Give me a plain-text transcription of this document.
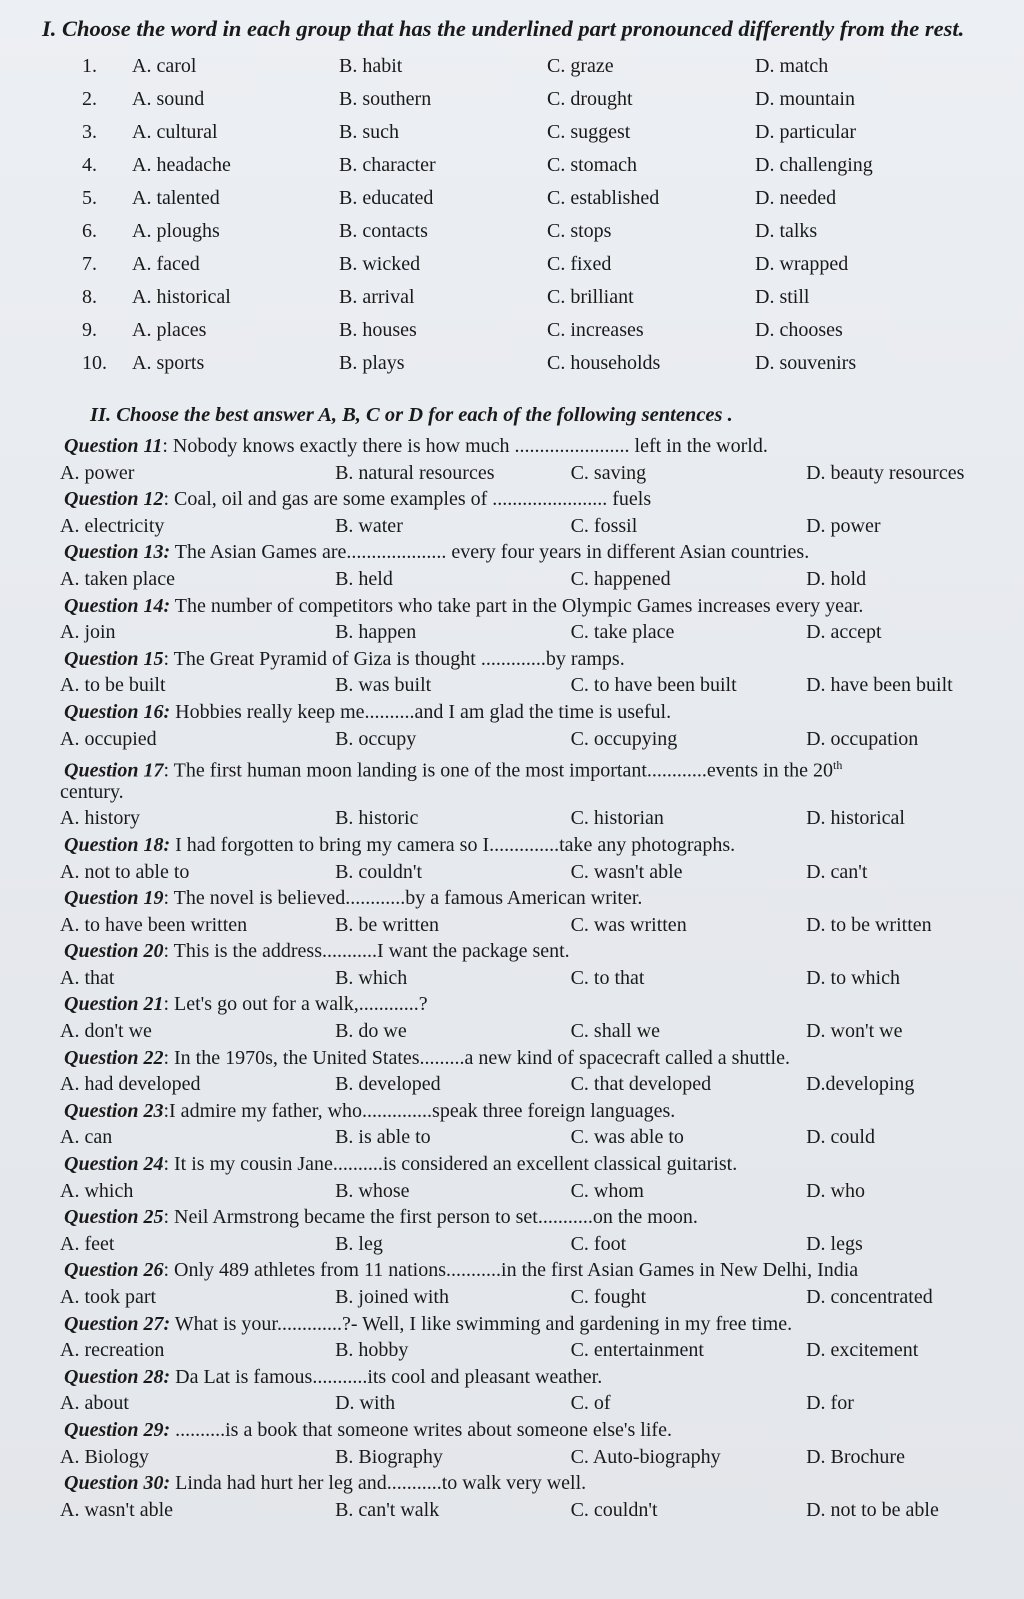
I. Choose the word in each group that has the underlined part pronounced differently from the rest.
1.	A. carol	B. habit	C. graze	D. match
2.	A. sound	B. southern	C. drought	D. mountain
3.	A. cultural	B. such	C. suggest	D. particular
4.	A. headache	B. character	C. stomach	D. challenging
5.	A. talented	B. educated	C. established	D. needed
6.	A. ploughs	B. contacts	C. stops	D. talks
7.	A. faced	B. wicked	C. fixed	D. wrapped
8.	A. historical	B. arrival	C. brilliant	D. still
9.	A. places	B. houses	C. increases	D. chooses
10.	A. sports	B. plays	C. households	D. souvenirs
II. Choose the best answer A, B, C or D for each of the following sentences .
Question 11: Nobody knows exactly there is how much ....................... left in the world.
A. power	B. natural resources	C. saving	D. beauty resources
Question 12: Coal, oil and gas are some examples of ....................... fuels
A. electricity	B. water	C. fossil	D. power
Question 13: The Asian Games are.................... every four years in different Asian countries.
A. taken place	B. held	C. happened	D. hold
Question 14: The number of competitors who take part in the Olympic Games increases every year.
A. join	B. happen	C. take place	D. accept
Question 15: The Great Pyramid of Giza is thought .............by ramps.
A. to be built	B. was built	C. to have been built	D. have been built
Question 16: Hobbies really keep me..........and I am glad the time is useful.
A. occupied	B. occupy	C. occupying	D. occupation
Question 17: The first human moon landing is one of the most important............events in the 20th
century.
A. history	B. historic	C. historian	D. historical
Question 18: I had forgotten to bring my camera so I..............take any photographs.
A. not to able to	B. couldn't	C. wasn't able	D. can't
Question 19: The novel is believed............by a famous American writer.
A. to have been written	B. be written	C. was written	D. to be written
Question 20: This is the address...........I want the package sent.
A. that	B. which	C. to that	D. to which
Question 21: Let's go out for a walk,............?
A. don't we	B. do we	C. shall we	D. won't we
Question 22: In the 1970s, the United States.........a new kind of spacecraft called a shuttle.
A. had developed	B. developed	C. that developed	D.developing
Question 23:I admire my father, who..............speak three foreign languages.
A. can	B. is able to	C. was able to	D. could
Question 24: It is my cousin Jane..........is considered an excellent classical guitarist.
A. which	B. whose	C. whom	D. who
Question 25: Neil Armstrong became the first person to set...........on the moon.
A. feet	B. leg	C. foot	D. legs
Question 26: Only 489 athletes from 11 nations...........in the first Asian Games in New Delhi, India
A. took part	B. joined with	C. fought	D. concentrated
Question 27: What is your.............?- Well, I like swimming and gardening in my free time.
A. recreation	B. hobby	C. entertainment	D. excitement
Question 28: Da Lat is famous...........its cool and pleasant weather.
A. about	D. with	C. of	D. for
Question 29: ..........is a book that someone writes about someone else's life.
A. Biology	B. Biography	C. Auto-biography	D. Brochure
Question 30: Linda had hurt her leg and...........to walk very well.
A. wasn't able	B. can't walk	C. couldn't	D. not to be able
